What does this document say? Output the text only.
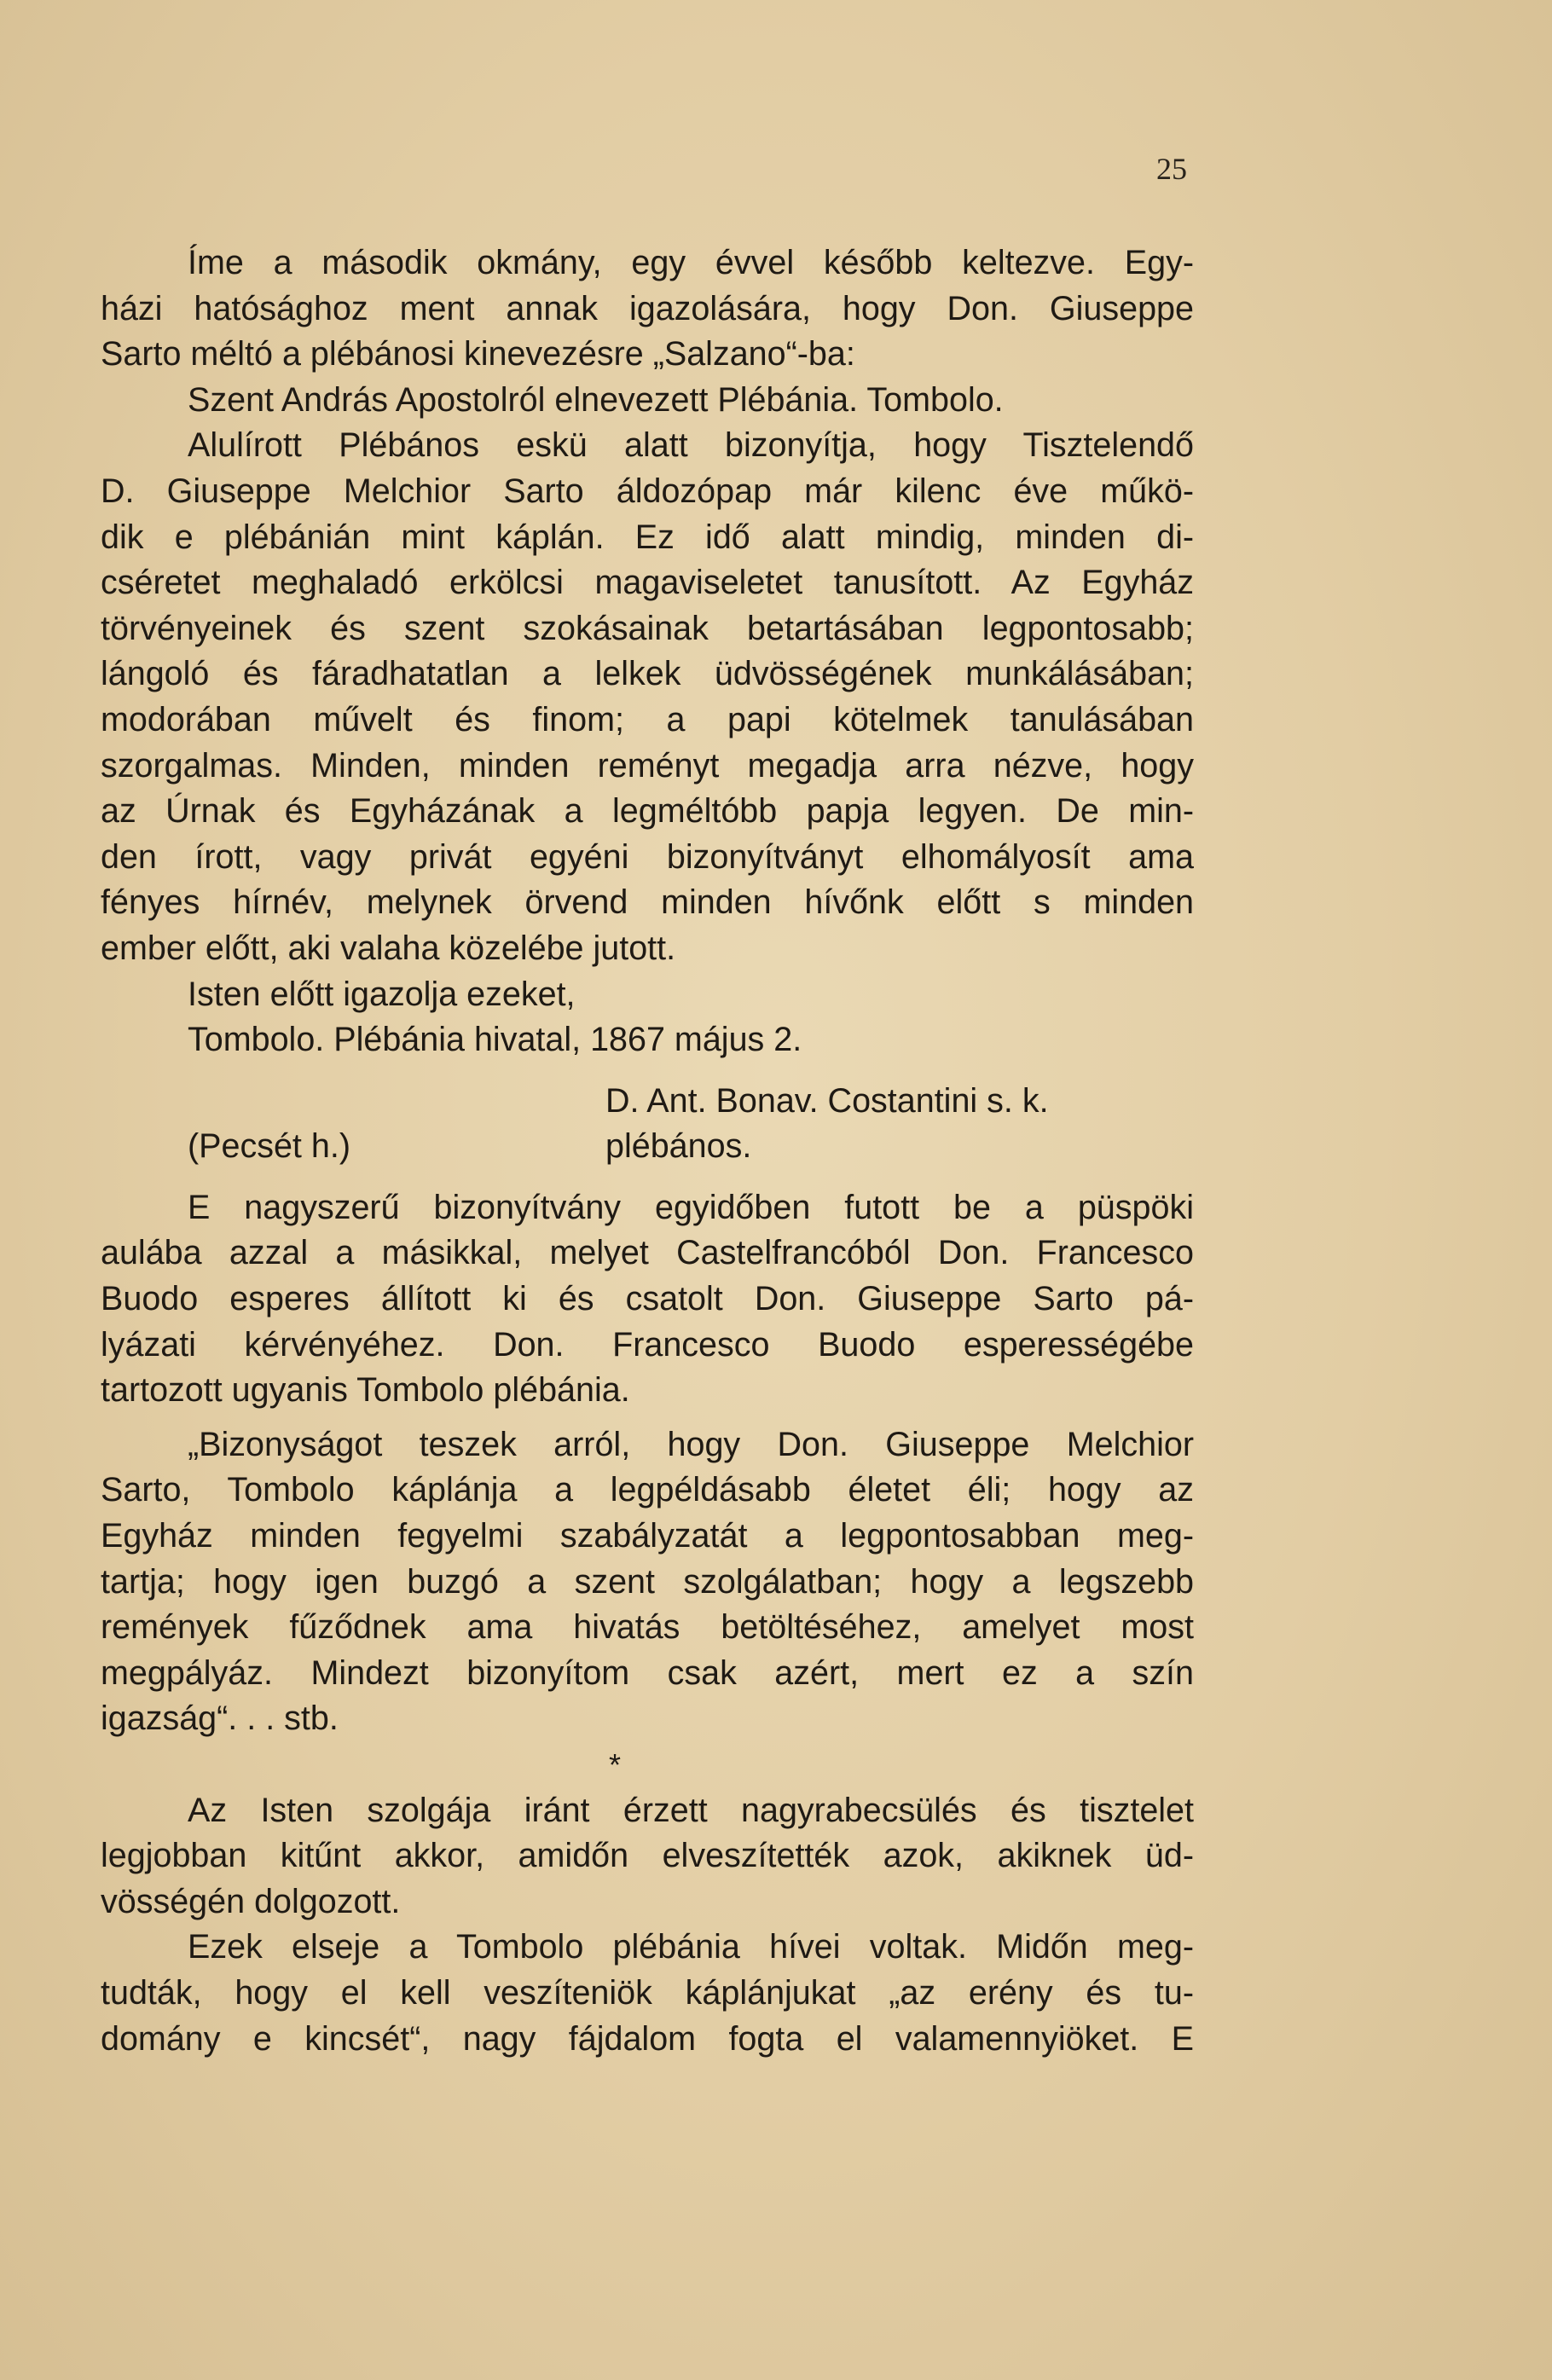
25
Íme a második okmány, egy évvel később keltezve. Egy-
házi hatósághoz ment annak igazolására, hogy Don. Giuseppe
Sarto méltó a plébánosi kinevezésre „Salzano“-ba:
Szent András Apostolról elnevezett Plébánia. Tombolo.
Alulírott Plébános eskü alatt bizonyítja, hogy Tisztelendő
D. Giuseppe Melchior Sarto áldozópap már kilenc éve műkö-
dik e plébánián mint káplán. Ez idő alatt mindig, minden di-
cséretet meghaladó erkölcsi magaviseletet tanusított. Az Egyház
törvényeinek és szent szokásainak betartásában legpontosabb;
lángoló és fáradhatatlan a lelkek üdvösségének munkálásában;
modorában művelt és finom; a papi kötelmek tanulásában
szorgalmas. Minden, minden reményt megadja arra nézve, hogy
az Úrnak és Egyházának a legméltóbb papja legyen. De min-
den írott, vagy privát egyéni bizonyítványt elhomályosít ama
fényes hírnév, melynek örvend minden hívőnk előtt s minden
ember előtt, aki valaha közelébe jutott.
Isten előtt igazolja ezeket,
Tombolo. Plébánia hivatal, 1867 május 2.
D. Ant. Bonav. Costantini s. k.
(Pecsét h.)	plébános.
E nagyszerű bizonyítvány egyidőben futott be a püspöki
aulába azzal a másikkal, melyet Castelfrancóból Don. Francesco
Buodo esperes állított ki és csatolt Don. Giuseppe Sarto pá-
lyázati kérvényéhez. Don. Francesco Buodo esperességébe
tartozott ugyanis Tombolo plébánia.
„Bizonyságot teszek arról, hogy Don. Giuseppe Melchior
Sarto, Tombolo káplánja a legpéldásabb életet éli; hogy az
Egyház minden fegyelmi szabályzatát a legpontosabban meg-
tartja; hogy igen buzgó a szent szolgálatban; hogy a legszebb
remények fűződnek ama hivatás betöltéséhez, amelyet most
megpályáz. Mindezt bizonyítom csak azért, mert ez a szín
igazság“. . . stb.
*
Az Isten szolgája iránt érzett nagyrabecsülés és tisztelet
legjobban kitűnt akkor, amidőn elveszítették azok, akiknek üd-
vösségén dolgozott.
Ezek elseje a Tombolo plébánia hívei voltak. Midőn meg-
tudták, hogy el kell veszíteniök káplánjukat „az erény és tu-
domány e kincsét“, nagy fájdalom fogta el valamennyiöket. E
